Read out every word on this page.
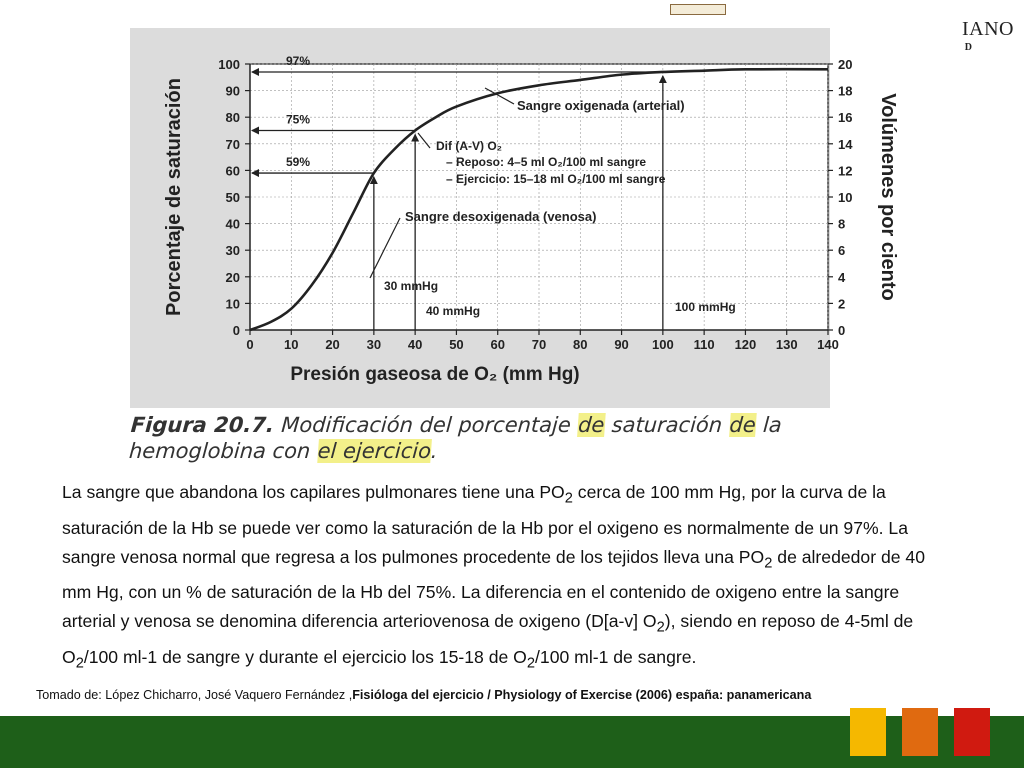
IANO
D
0 10 20 30 40 50 60 70 80 90 100 110 120 130 140
0
10
20
30
40
50
60
70
80
90
100
0
2
4
6
8
10
12
14
16
18
20
97%
75%
59%
Porcentaje de saturación	Volúmenes por ciento
Presión gaseosa de O₂ (mm Hg)
Sangre oxigenada (arterial)
Dif (A-V) O₂
– Reposo: 4–5 ml O₂/100 ml sangre
– Ejercicio: 15–18 ml O₂/100 ml sangre
Sangre desoxigenada (venosa)
30 mmHg
40 mmHg	100 mmHg
Figura 20.7. Modificación del porcentaje de saturación de la
hemoglobina con el ejercicio.
La sangre que abandona los capilares pulmonares tiene una $PO_2$ cerca de 100 mm Hg, por la curva de la saturación de la Hb se puede ver como la saturación de la Hb por el oxigeno es normalmente de un 97%. La sangre venosa normal que regresa a los pulmones procedente de los tejidos lleva una $PO_2$ de alrededor de 40 mm Hg, con un % de saturación de la Hb del 75%. La diferencia en el contenido de oxigeno entre la sangre arterial y venosa se denomina diferencia arteriovenosa de oxigeno (D[a-v] $O_2$), siendo en reposo de 4-5ml de $O_2/100$ ml-1 de sangre y durante el ejercicio los 15-18 de $O_2/100$ ml-1 de sangre.
Tomado de: López Chicharro, José Vaquero Fernández ,Fisióloga del ejercicio / Physiology of Exercise (2006) españa: panamericana
